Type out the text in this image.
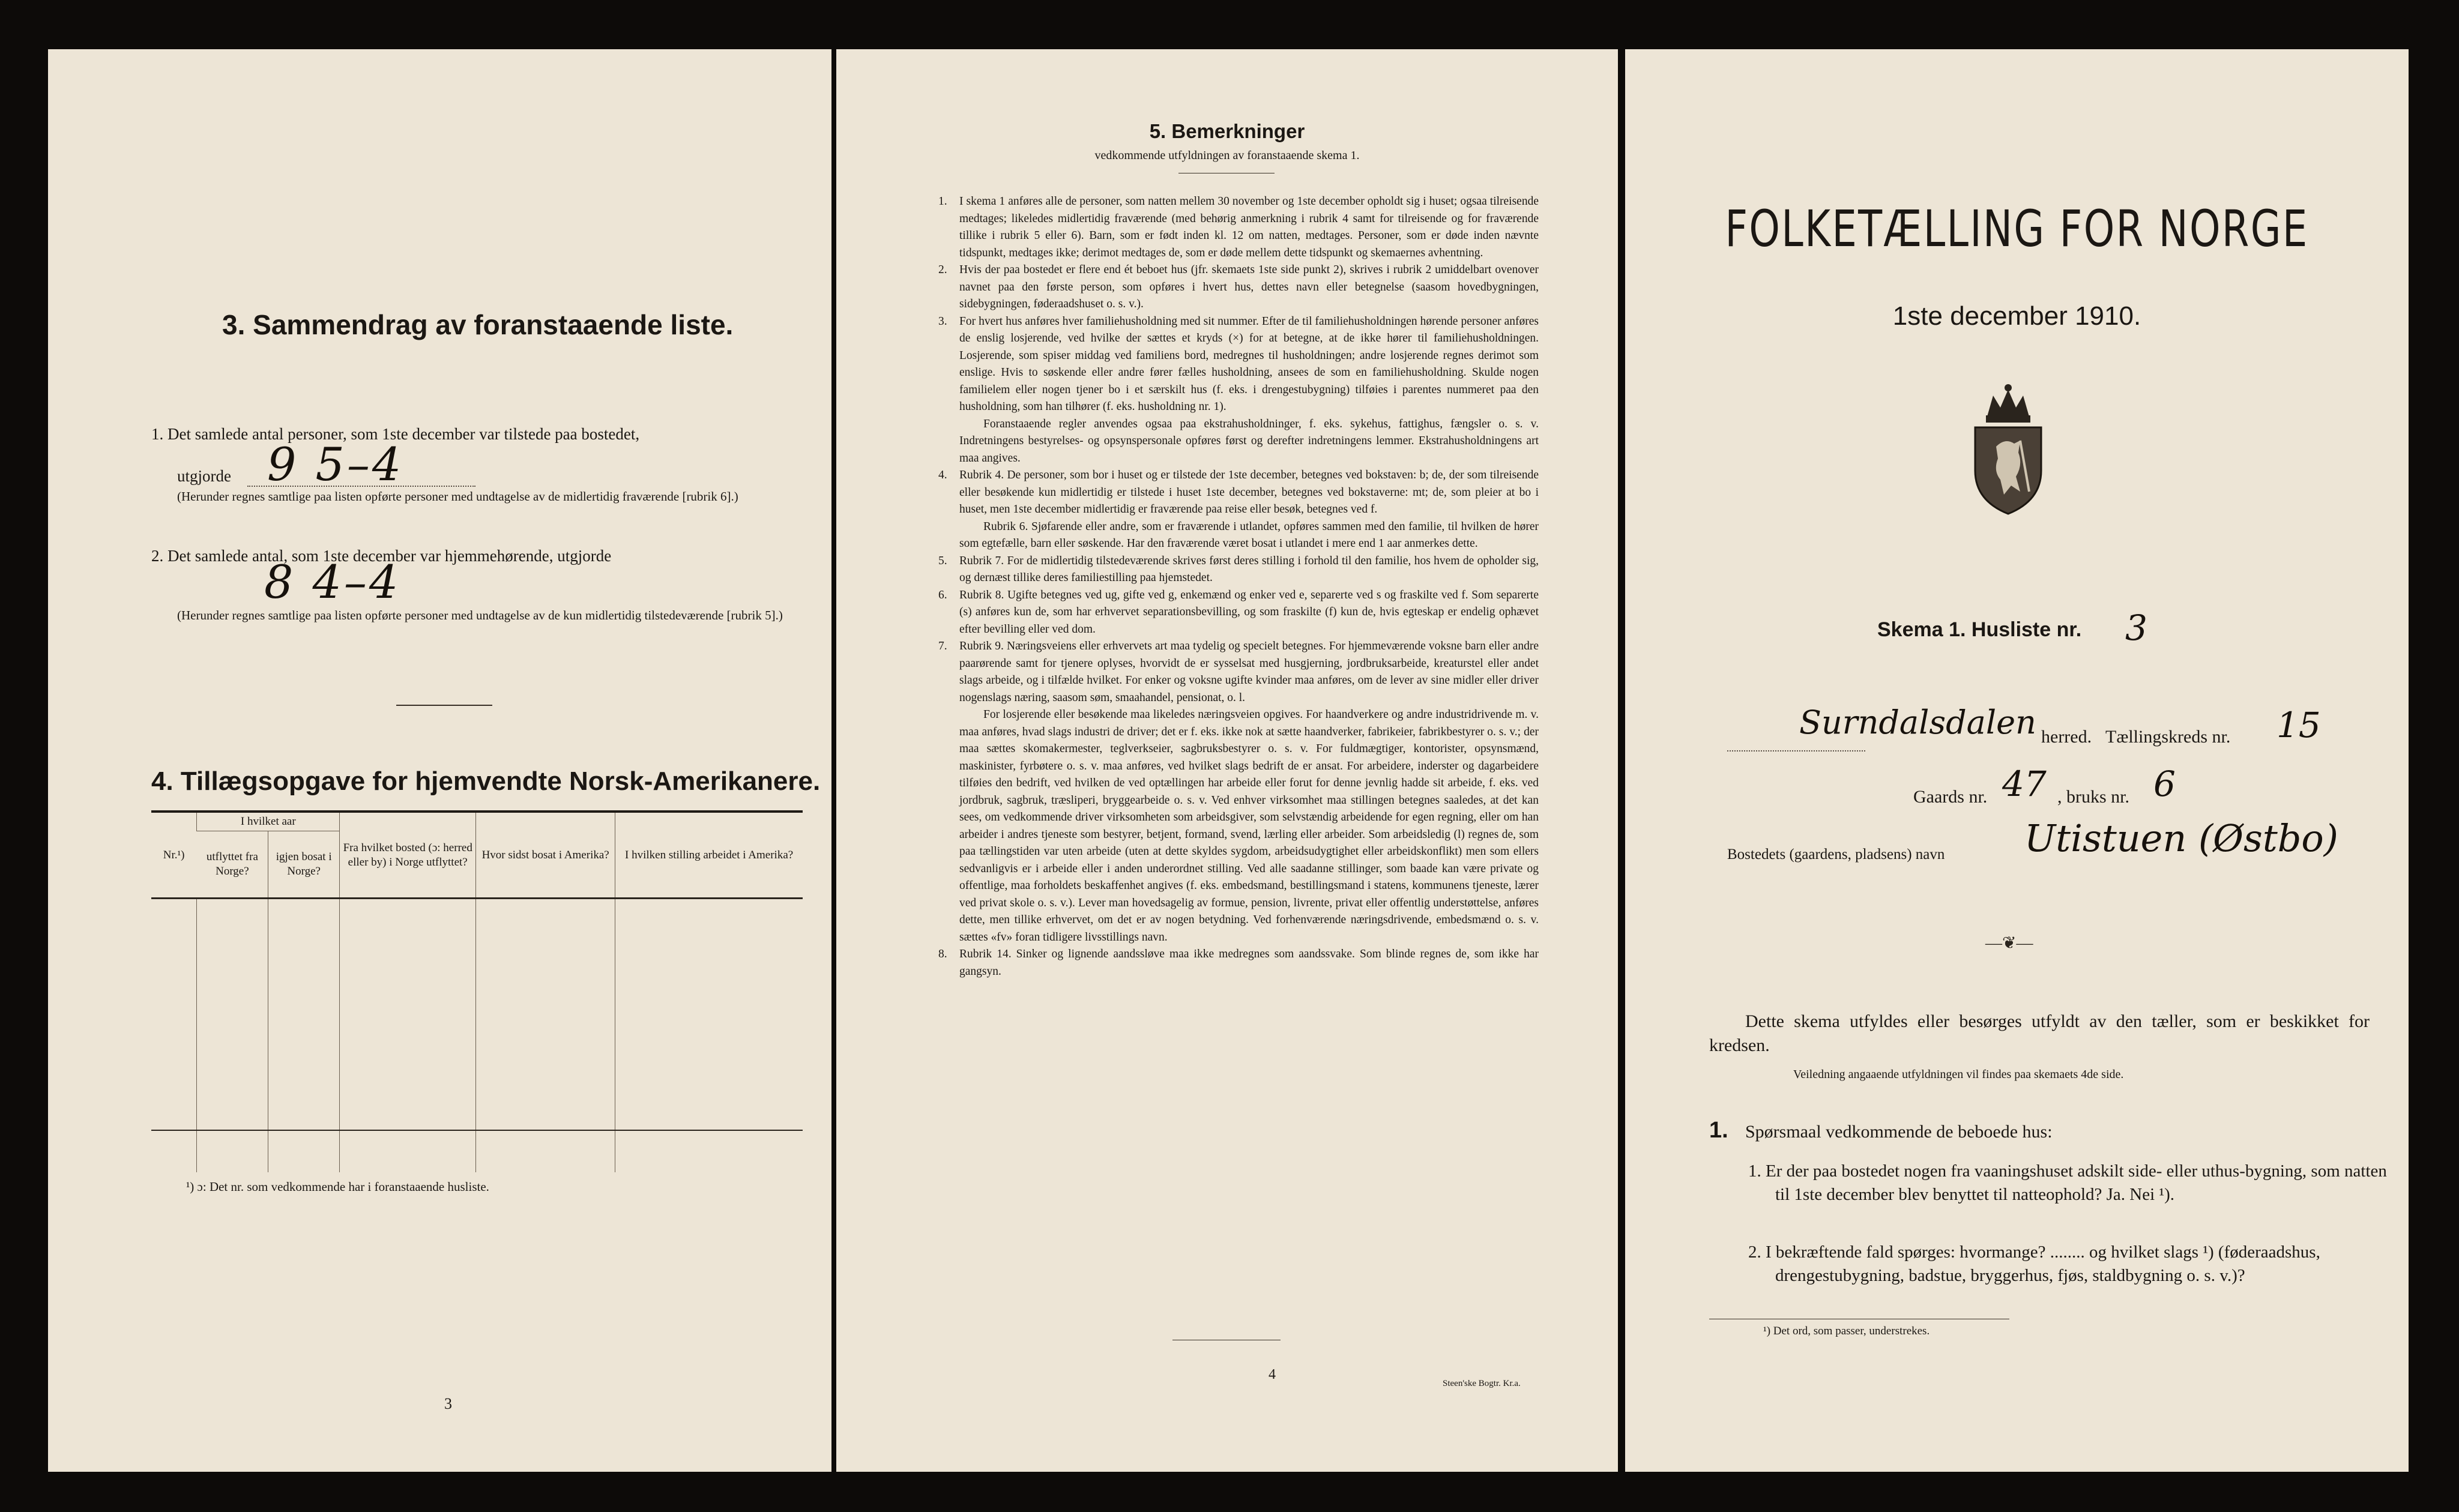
3. Sammendrag av foranstaaende liste.
1. Det samlede antal personer, som 1ste december var tilstede paa bostedet,
utgjorde 9 5–4
(Herunder regnes samtlige paa listen opførte personer med undtagelse av de midlertidig fraværende [rubrik 6].)
2. Det samlede antal, som 1ste december var hjemmehørende, utgjorde
8 4–4
(Herunder regnes samtlige paa listen opførte personer med undtagelse av de kun midlertidig tilstedeværende [rubrik 5].)
4. Tillægsopgave for hjemvendte Norsk-Amerikanere.
Nr.¹)	I hvilket aar		Fra hvilket bosted (ɔ: herred eller by) i Norge utflyttet?	Hvor sidst bosat i Amerika?	I hvilken stilling arbeidet i Amerika?
	utflyttet fra Norge?	igjen bosat i Norge?			

¹) ɔ: Det nr. som vedkommende har i foranstaaende husliste.
3
5. Bemerkninger
vedkommende utfyldningen av foranstaaende skema 1.
1. I skema 1 anføres alle de personer, som natten mellem 30 november og 1ste december opholdt sig i huset; ogsaa tilreisende medtages; likeledes midlertidig fraværende (med behørig anmerkning i rubrik 4 samt for tilreisende og for fraværende tillike i rubrik 5 eller 6). Barn, som er født inden kl. 12 om natten, medtages. Personer, som er døde inden nævnte tidspunkt, medtages ikke; derimot medtages de, som er døde mellem dette tidspunkt og skemaernes avhentning.

2. Hvis der paa bostedet er flere end ét beboet hus (jfr. skemaets 1ste side punkt 2), skrives i rubrik 2 umiddelbart ovenover navnet paa den første person, som opføres i hvert hus, dettes navn eller betegnelse (saasom hovedbygningen, sidebygningen, føderaadshuset o. s. v.).

3. For hvert hus anføres hver familiehusholdning med sit nummer. Efter de til familiehusholdningen hørende personer anføres de enslig losjerende, ved hvilke der sættes et kryds (×) for at betegne, at de ikke hører til familiehusholdningen. Losjerende, som spiser middag ved familiens bord, medregnes til husholdningen; andre losjerende regnes derimot som enslige. Hvis to søskende eller andre fører fælles husholdning, ansees de som en familiehusholdning. Skulde nogen familielem eller nogen tjener bo i et særskilt hus (f. eks. i drengestubygning) tilføies i parentes nummeret paa den husholdning, som han tilhører (f. eks. husholdning nr. 1).

Foranstaaende regler anvendes ogsaa paa ekstrahusholdninger, f. eks. sykehus, fattighus, fængsler o. s. v. Indretningens bestyrelses- og opsynspersonale opføres først og derefter indretningens lemmer. Ekstrahusholdningens art maa angives.

4. Rubrik 4. De personer, som bor i huset og er tilstede der 1ste december, betegnes ved bokstaven: b; de, der som tilreisende eller besøkende kun midlertidig er tilstede i huset 1ste december, betegnes ved bokstaverne: mt; de, som pleier at bo i huset, men 1ste december midlertidig er fraværende paa reise eller besøk, betegnes ved f.

Rubrik 6. Sjøfarende eller andre, som er fraværende i utlandet, opføres sammen med den familie, til hvilken de hører som egtefælle, barn eller søskende. Har den fraværende været bosat i utlandet i mere end 1 aar anmerkes dette.

5. Rubrik 7. For de midlertidig tilstedeværende skrives først deres stilling i forhold til den familie, hos hvem de opholder sig, og dernæst tillike deres familiestilling paa hjemstedet.

6. Rubrik 8. Ugifte betegnes ved ug, gifte ved g, enkemænd og enker ved e, separerte ved s og fraskilte ved f. Som separerte (s) anføres kun de, som har erhvervet separationsbevilling, og som fraskilte (f) kun de, hvis egteskap er endelig ophævet efter bevilling eller ved dom.

7. Rubrik 9. Næringsveiens eller erhvervets art maa tydelig og specielt betegnes. For hjemmeværende voksne barn eller andre paarørende samt for tjenere oplyses, hvorvidt de er sysselsat med husgjerning, jordbruksarbeide, kreaturstel eller andet slags arbeide, og i tilfælde hvilket. For enker og voksne ugifte kvinder maa anføres, om de lever av sine midler eller driver nogenslags næring, saasom søm, smaahandel, pensionat, o. l.

For losjerende eller besøkende maa likeledes næringsveien opgives. For haandverkere og andre industridrivende m. v. maa anføres, hvad slags industri de driver; det er f. eks. ikke nok at sætte haandverker, fabrikeier, fabrikbestyrer o. s. v.; der maa sættes skomakermester, teglverkseier, sagbruksbestyrer o. s. v. For fuldmægtiger, kontorister, opsynsmænd, maskinister, fyrbøtere o. s. v. maa anføres, ved hvilket slags bedrift de er ansat. For arbeidere, inderster og dagarbeidere tilføies den bedrift, ved hvilken de ved optællingen har arbeide eller forut for denne jevnlig hadde sit arbeide, f. eks. ved jordbruk, sagbruk, træsliperi, bryggearbeide o. s. v. Ved enhver virksomhet maa stillingen betegnes saaledes, at det kan sees, om vedkommende driver virksomheten som arbeidsgiver, som selvstændig arbeidende for egen regning, eller om han arbeider i andres tjeneste som bestyrer, betjent, formand, svend, lærling eller arbeider. Som arbeidsledig (l) regnes de, som paa tællingstiden var uten arbeide (uten at dette skyldes sygdom, arbeidsudygtighet eller arbeidskonflikt) men som ellers sedvanligvis er i arbeide eller i anden underordnet stilling. Ved alle saadanne stillinger, som baade kan være private og offentlige, maa forholdets beskaffenhet angives (f. eks. embedsmand, bestillingsmand i statens, kommunens tjeneste, lærer ved privat skole o. s. v.). Lever man hovedsagelig av formue, pension, livrente, privat eller offentlig understøttelse, anføres dette, men tillike erhvervet, om det er av nogen betydning. Ved forhenværende næringsdrivende, embedsmænd o. s. v. sættes «fv» foran tidligere livsstillings navn.

8. Rubrik 14. Sinker og lignende aandssløve maa ikke medregnes som aandssvake. Som blinde regnes de, som ikke har gangsyn.

4
Steen'ske Bogtr. Kr.a.
FOLKETÆLLING FOR NORGE
1ste december 1910.
Skema 1. Husliste nr. 3
Surndalsdalen herred. Tællingskreds nr. 15
Gaards nr. 47 , bruks nr. 6
Bostedets (gaardens, pladsens) navn Utistuen (Østbo)
—❦—
Dette skema utfyldes eller besørges utfyldt av den tæller, som er beskikket for kredsen.
Veiledning angaaende utfyldningen vil findes paa skemaets 4de side.
1. Spørsmaal vedkommende de beboede hus:
1. Er der paa bostedet nogen fra vaaningshuset adskilt side- eller uthus-bygning, som natten til 1ste december blev benyttet til natteophold? Ja. Nei ¹).
2. I bekræftende fald spørges: hvormange? ........ og hvilket slags ¹) (føderaadshus, drengestubygning, badstue, bryggerhus, fjøs, staldbygning o. s. v.)?
¹) Det ord, som passer, understrekes.
